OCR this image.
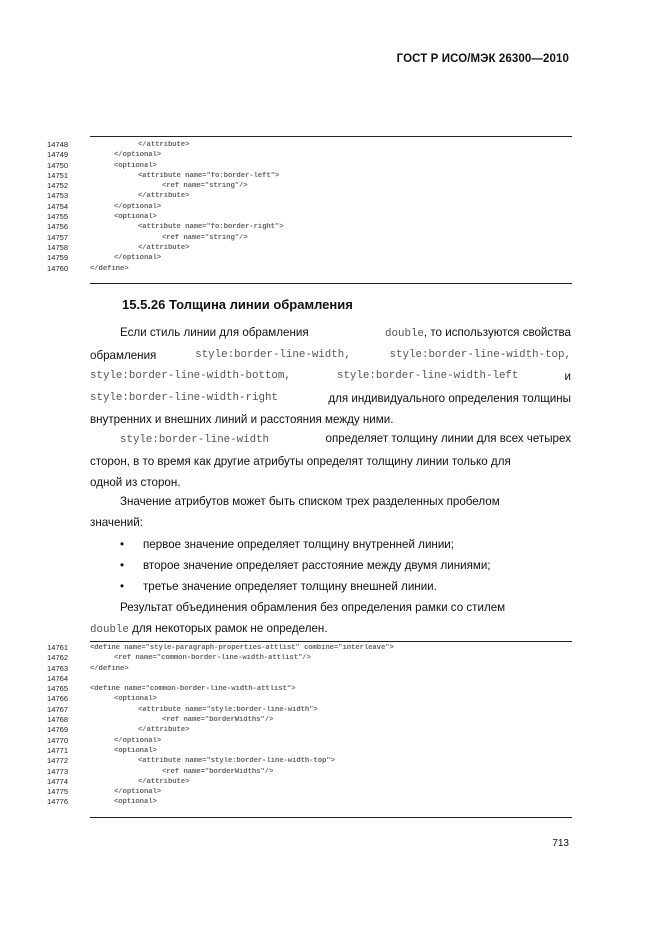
ГОСТ Р ИСО/МЭК 26300—2010
14748	</attribute>
14749	</optional>
14750	<optional>
14751	<attribute name="fo:border-left">
14752	<ref name="string"/>
14753	</attribute>
14754	</optional>
14755	<optional>
14756	<attribute name="fo:border-right">
14757	<ref name="string"/>
14758	</attribute>
14759	</optional>
14760	</define>
15.5.26 Толщина линии обрамления
Если стиль линии для обрамления	double, то используются свойства
обрамления	style:border-line-width,	style:border-line-width-top,
style:border-line-width-bottom,	style:border-line-width-left	и
style:border-line-width-right	для индивидуального определения толщины
внутренних и внешних линий и расстояния между ними.
style:border-line-width	определяет толщину линии для всех четырех
сторон, в то время как другие атрибуты определят толщину линии только для
одной из сторон.
Значение атрибутов может быть списком трех разделенных пробелом
значений:
• первое значение определяет толщину внутренней линии;
• второе значение определяет расстояние между двумя линиями;
• третье значение определяет толщину внешней линии.
Результат объединения обрамления без определения рамки со стилем
double для некоторых рамок не определен.
14761	<define name="style-paragraph-properties-attlist" combine="interleave">
14762	<ref name="common-border-line-width-attlist"/>
14763	</define>
14764
14765	<define name="common-border-line-width-attlist">
14766	<optional>
14767	<attribute name="style:border-line-width">
14768	<ref name="borderWidths"/>
14769	</attribute>
14770	</optional>
14771	<optional>
14772	<attribute name="style:border-line-width-top">
14773	<ref name="borderWidths"/>
14774	</attribute>
14775	</optional>
14776	<optional>
713
